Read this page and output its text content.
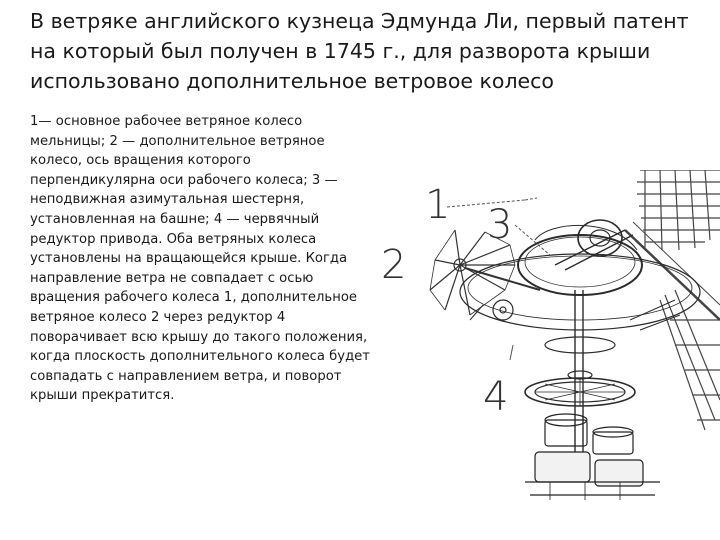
В ветряке английского кузнеца Эдмунда Ли, первый патент на который был получен в 1745 г., для разворота крыши использовано дополнительное ветровое колесо

1— основное рабочее ветряное колесо мельницы; 2 — дополнительное ветряное колесо, ось вращения которого перпендикулярна оси рабочего колеса; 3 — неподвижная азимутальная шестерня, установленная на башне; 4 — червячный редуктор привода. Оба ветряных колеса установлены на вращающейся крыше. Когда направление ветра не совпадает с осью вращения рабочего колеса 1, дополнительное ветряное колесо 2 через редуктор 4 поворачивает всю крышу до такого положения, когда плоскость дополнительного колеса будет совпадать с направлением ветра, и поворот крыши прекратится.

1
2
3
4
